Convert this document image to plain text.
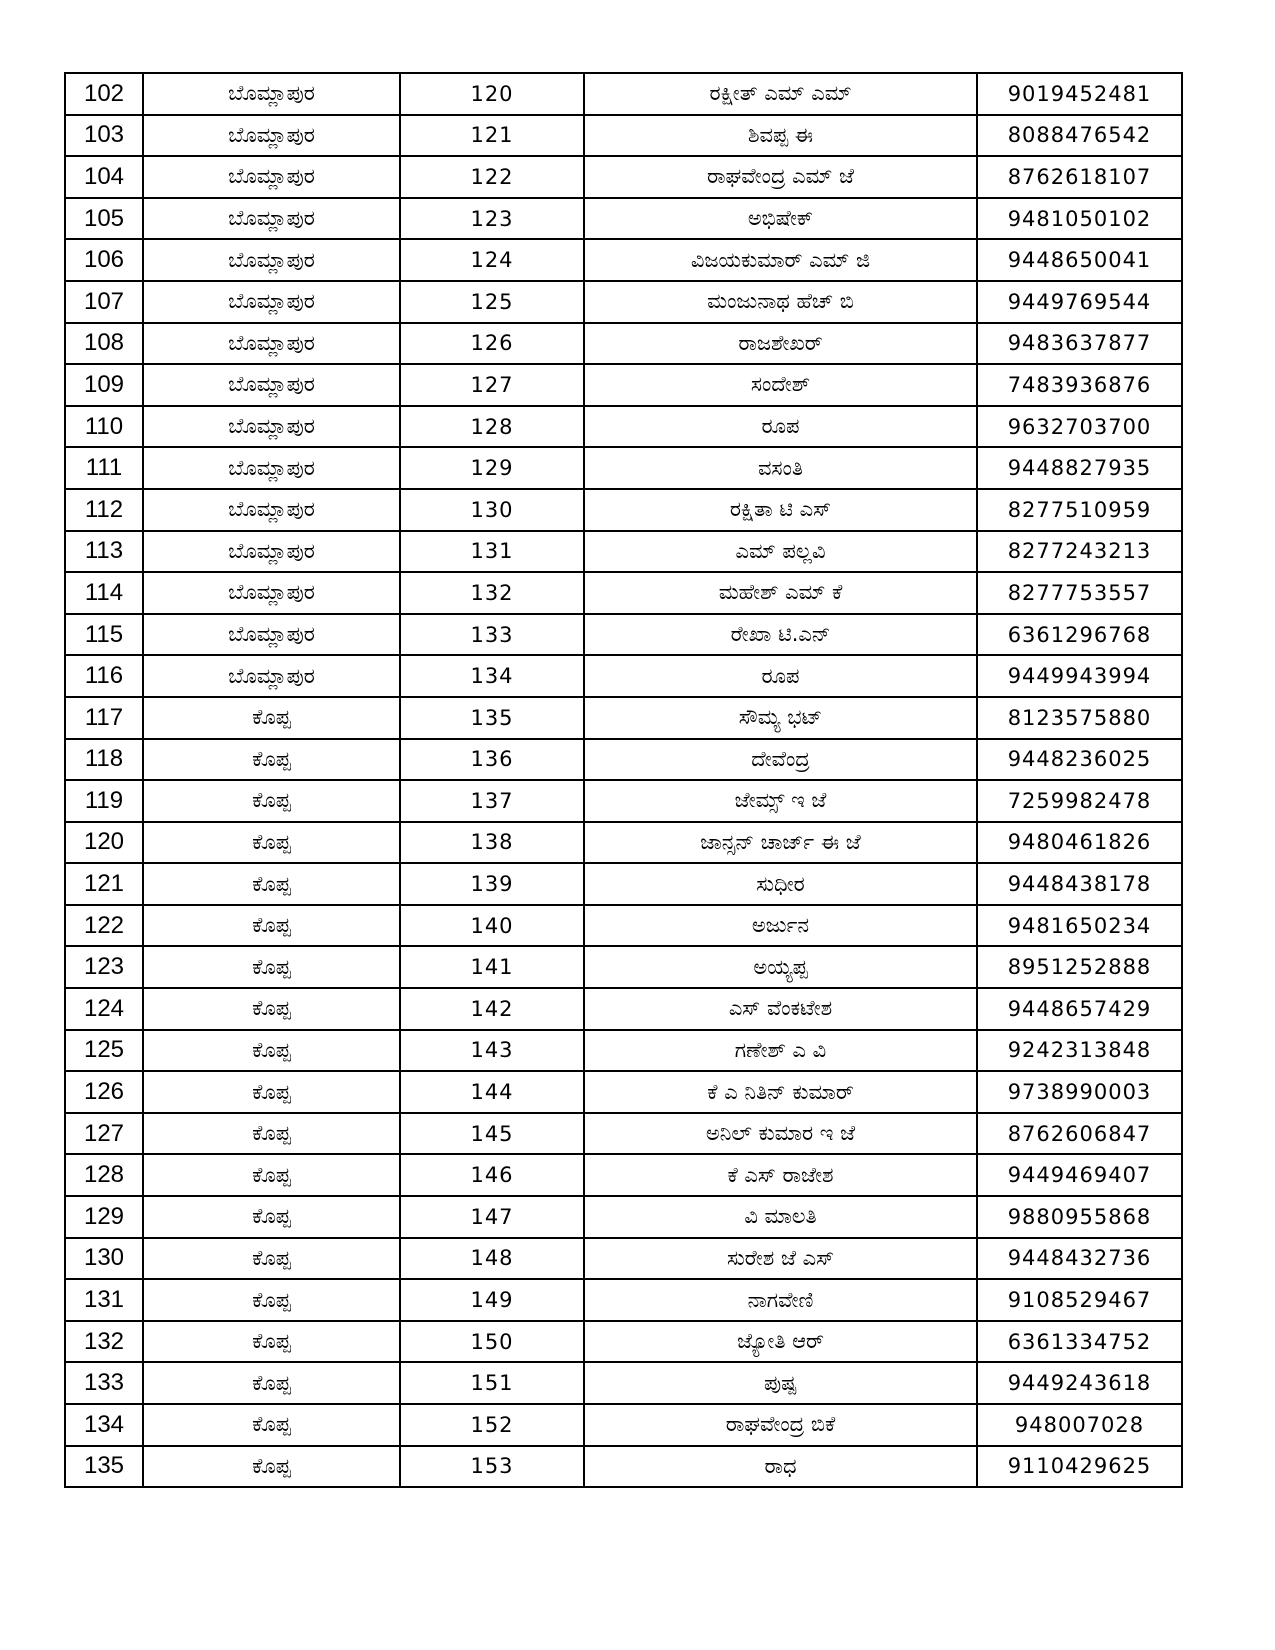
102	ಬೊಮ್ಲಾಪುರ	120	ರಕ್ಷೀತ್ ಎಮ್ ಎಮ್	9019452481
103	ಬೊಮ್ಲಾಪುರ	121	ಶಿವಪ್ಪ ಈ	8088476542
104	ಬೊಮ್ಲಾಪುರ	122	ರಾಘವೇಂದ್ರ ಎಮ್ ಜೆ	8762618107
105	ಬೊಮ್ಲಾಪುರ	123	ಅಭಿಷೇಕ್	9481050102
106	ಬೊಮ್ಲಾಪುರ	124	ವಿಜಯಕುಮಾರ್ ಎಮ್ ಜಿ	9448650041
107	ಬೊಮ್ಲಾಪುರ	125	ಮಂಜುನಾಥ ಹೆಚ್ ಬಿ	9449769544
108	ಬೊಮ್ಲಾಪುರ	126	ರಾಜಶೇಖರ್	9483637877
109	ಬೊಮ್ಲಾಪುರ	127	ಸಂದೇಶ್	7483936876
110	ಬೊಮ್ಲಾಪುರ	128	ರೂಪ	9632703700
111	ಬೊಮ್ಲಾಪುರ	129	ವಸಂತಿ	9448827935
112	ಬೊಮ್ಲಾಪುರ	130	ರಕ್ಷಿತಾ ಟಿ ಎಸ್	8277510959
113	ಬೊಮ್ಲಾಪುರ	131	ಎಮ್ ಪಲ್ಲವಿ	8277243213
114	ಬೊಮ್ಲಾಪುರ	132	ಮಹೇಶ್ ಎಮ್ ಕೆ	8277753557
115	ಬೊಮ್ಲಾಪುರ	133	ರೇಖಾ ಟಿ.ಎನ್	6361296768
116	ಬೊಮ್ಲಾಪುರ	134	ರೂಪ	9449943994
117	ಕೊಪ್ಪ	135	ಸೌಮ್ಯ ಭಟ್	8123575880
118	ಕೊಪ್ಪ	136	ದೇವೆಂದ್ರ	9448236025
119	ಕೊಪ್ಪ	137	ಜೇಮ್ಸ್ ಇ ಜೆ	7259982478
120	ಕೊಪ್ಪ	138	ಜಾನ್ಸನ್ ಚಾರ್ಜ್ ಈ ಜೆ	9480461826
121	ಕೊಪ್ಪ	139	ಸುಧೀರ	9448438178
122	ಕೊಪ್ಪ	140	ಅರ್ಜುನ	9481650234
123	ಕೊಪ್ಪ	141	ಅಯ್ಯಪ್ಪ	8951252888
124	ಕೊಪ್ಪ	142	ಎಸ್ ವೆಂಕಟೇಶ	9448657429
125	ಕೊಪ್ಪ	143	ಗಣೇಶ್ ಎ ವಿ	9242313848
126	ಕೊಪ್ಪ	144	ಕೆ ಎ ನಿತಿನ್ ಕುಮಾರ್	9738990003
127	ಕೊಪ್ಪ	145	ಅನಿಲ್ ಕುಮಾರ ಇ ಜೆ	8762606847
128	ಕೊಪ್ಪ	146	ಕೆ ಎಸ್ ರಾಜೇಶ	9449469407
129	ಕೊಪ್ಪ	147	ವಿ ಮಾಲತಿ	9880955868
130	ಕೊಪ್ಪ	148	ಸುರೇಶ ಜೆ ಎಸ್	9448432736
131	ಕೊಪ್ಪ	149	ನಾಗವೇಣಿ	9108529467
132	ಕೊಪ್ಪ	150	ಜ್ಯೋತಿ ಆರ್	6361334752
133	ಕೊಪ್ಪ	151	ಪುಷ್ಪ	9449243618
134	ಕೊಪ್ಪ	152	ರಾಘವೇಂದ್ರ ಬಿಕೆ	948007028
135	ಕೊಪ್ಪ	153	ರಾಧ	9110429625
